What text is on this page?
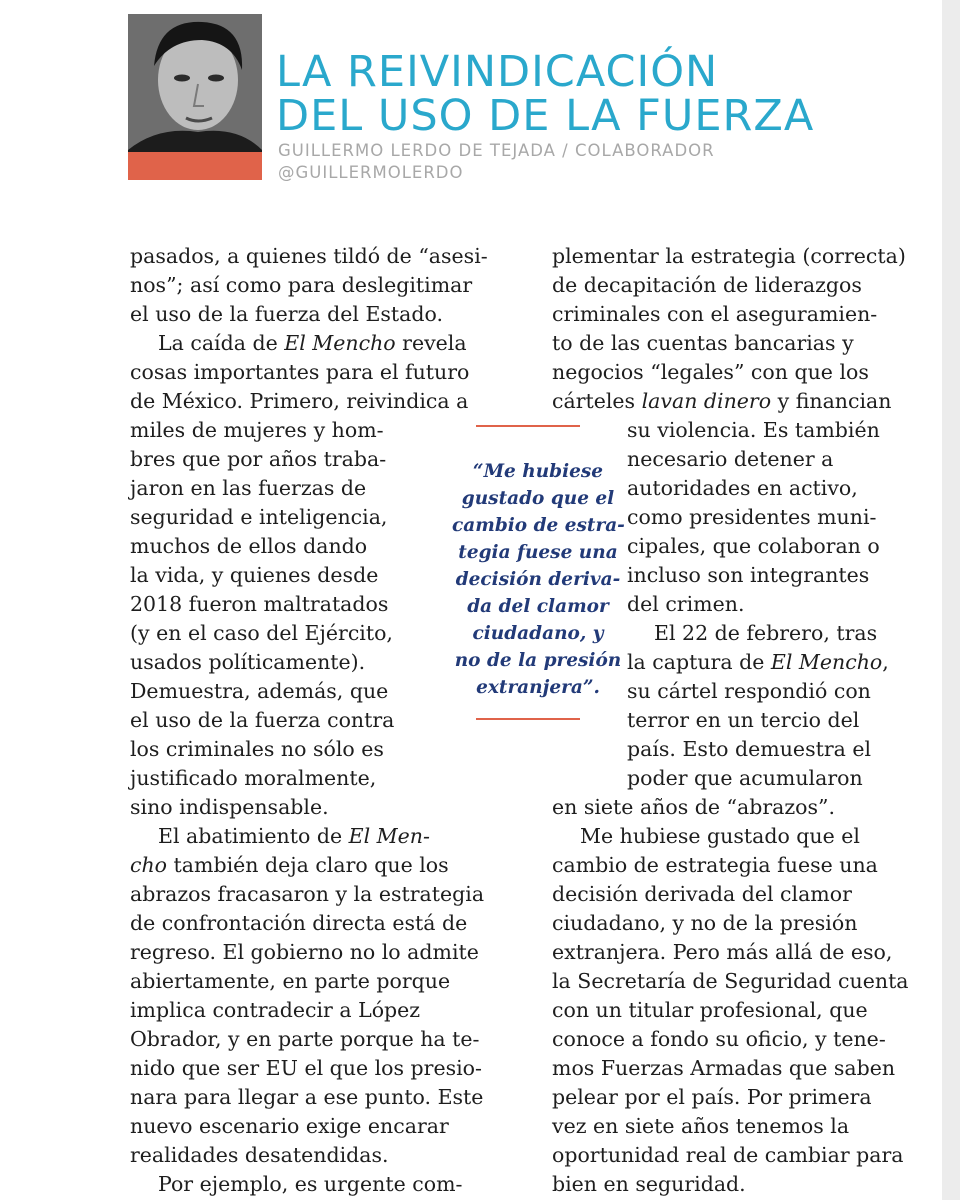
LA REIVINDICACIÓN
DEL USO DE LA FUERZA
GUILLERMO LERDO DE TEJADA / COLABORADOR
@GUILLERMOLERDO
pasados, a quienes tildó de “asesi-
nos”; así como para deslegitimar
el uso de la fuerza del Estado.
La caída de El Mencho revela
cosas importantes para el futuro
de México. Primero, reivindica a
miles de mujeres y hom-
bres que por años traba-
jaron en las fuerzas de
seguridad e inteligencia,
muchos de ellos dando
la vida, y quienes desde
2018 fueron maltratados
(y en el caso del Ejército,
usados políticamente).
Demuestra, además, que
el uso de la fuerza contra
los criminales no sólo es
justificado moralmente,
sino indispensable.
El abatimiento de El Men-
cho también deja claro que los
abrazos fracasaron y la estrategia
de confrontación directa está de
regreso. El gobierno no lo admite
abiertamente, en parte porque
implica contradecir a López
Obrador, y en parte porque ha te-
nido que ser EU el que los presio-
nara para llegar a ese punto. Este
nuevo escenario exige encarar
realidades desatendidas.
Por ejemplo, es urgente com-
“Me hubiese
gustado que el
cambio de estra-
tegia fuese una
decisión deriva-
da del clamor
ciudadano, y
no de la presión
extranjera”.
plementar la estrategia (correcta)
de decapitación de liderazgos
criminales con el aseguramien-
to de las cuentas bancarias y
negocios “legales” con que los
cárteles lavan dinero y financian
su violencia. Es también
necesario detener a
autoridades en activo,
como presidentes muni-
cipales, que colaboran o
incluso son integrantes
del crimen.
El 22 de febrero, tras
la captura de El Mencho,
su cártel respondió con
terror en un tercio del
país. Esto demuestra el
poder que acumularon
en siete años de “abrazos”.
Me hubiese gustado que el
cambio de estrategia fuese una
decisión derivada del clamor
ciudadano, y no de la presión
extranjera. Pero más allá de eso,
la Secretaría de Seguridad cuenta
con un titular profesional, que
conoce a fondo su oficio, y tene-
mos Fuerzas Armadas que saben
pelear por el país. Por primera
vez en siete años tenemos la
oportunidad real de cambiar para
bien en seguridad.
